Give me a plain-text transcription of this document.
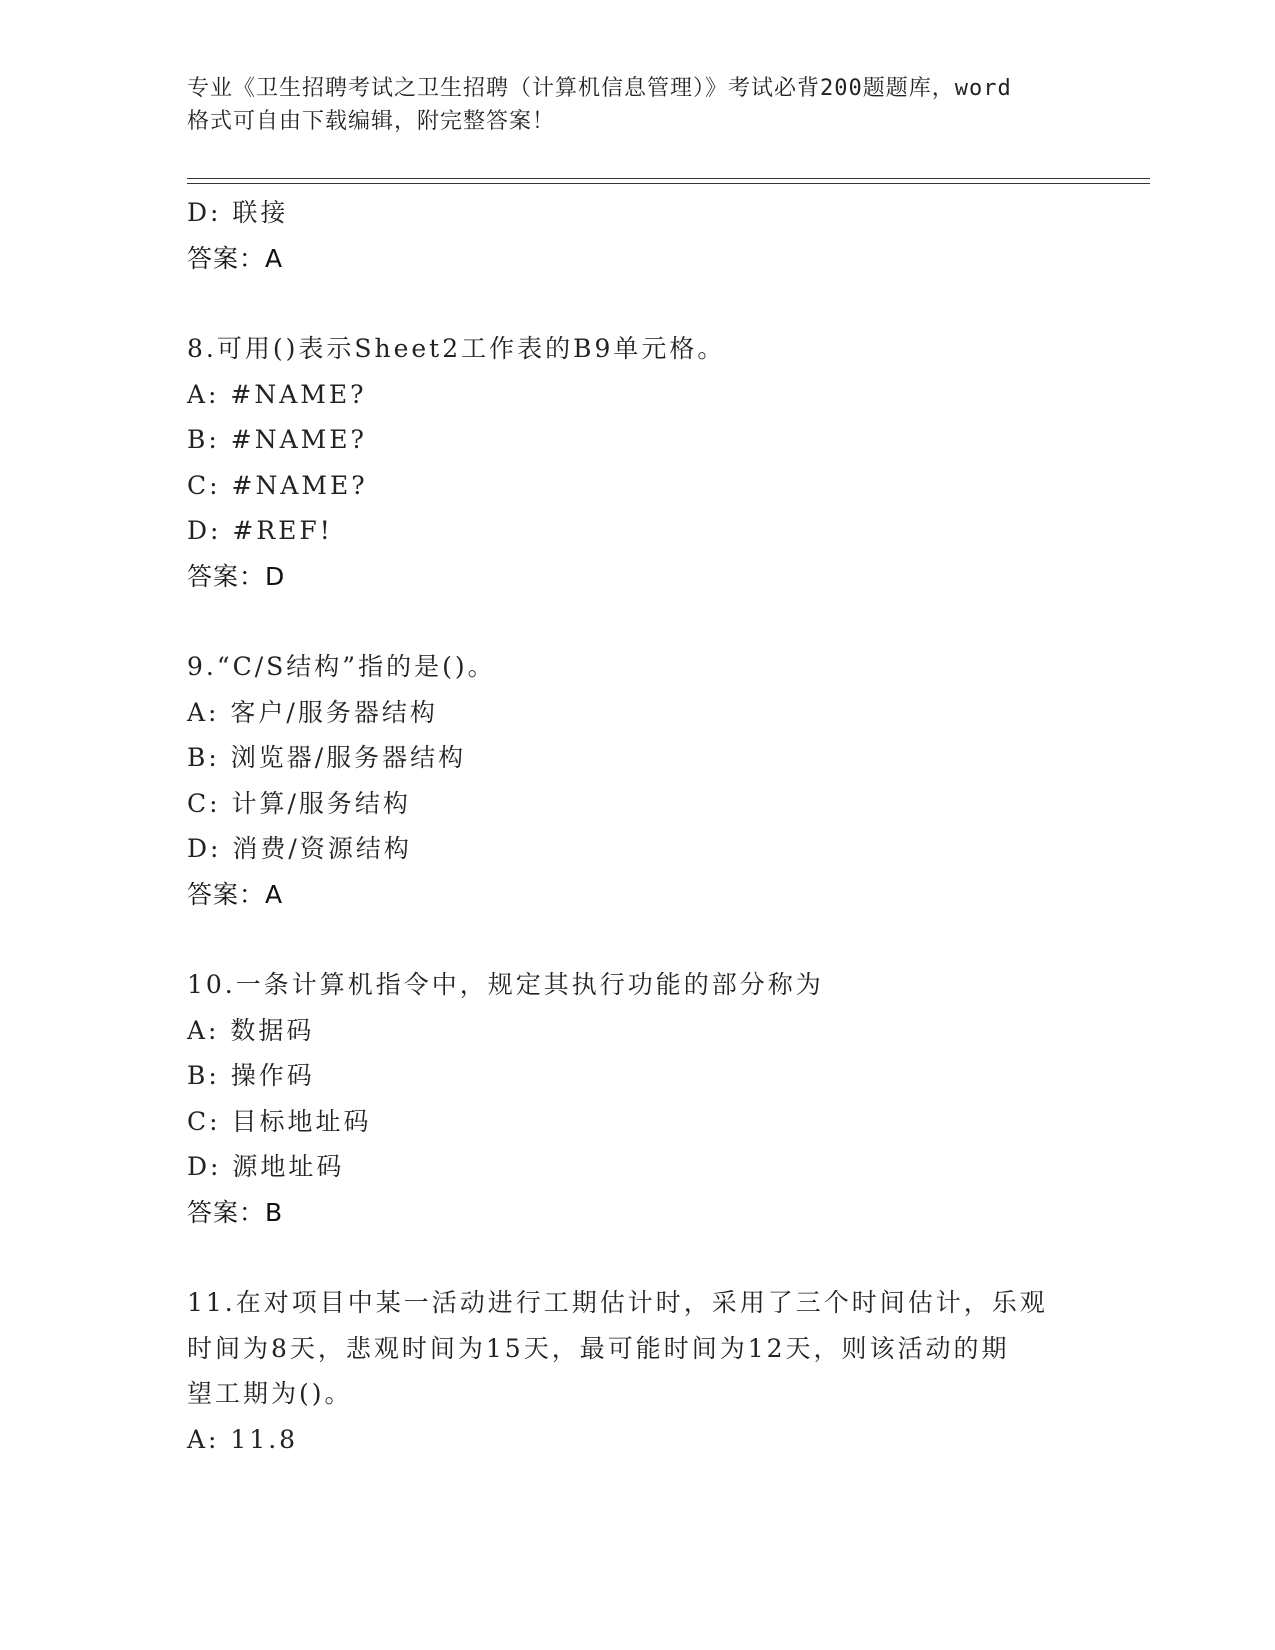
专业《卫生招聘考试之卫生招聘（计算机信息管理）》考试必背200题题库，word
格式可自由下载编辑，附完整答案！
D: 联接
答案：A
8.可用()表示Sheet2工作表的B9单元格。
A: #NAME?
B: #NAME?
C: #NAME?
D: #REF!
答案：D
9.“C/S结构”指的是()。
A: 客户/服务器结构
B: 浏览器/服务器结构
C: 计算/服务结构
D: 消费/资源结构
答案：A
10.一条计算机指令中，规定其执行功能的部分称为
A: 数据码
B: 操作码
C: 目标地址码
D: 源地址码
答案：B
11.在对项目中某一活动进行工期估计时，采用了三个时间估计，乐观
时间为8天，悲观时间为15天，最可能时间为12天，则该活动的期
望工期为()。
A: 11.8
